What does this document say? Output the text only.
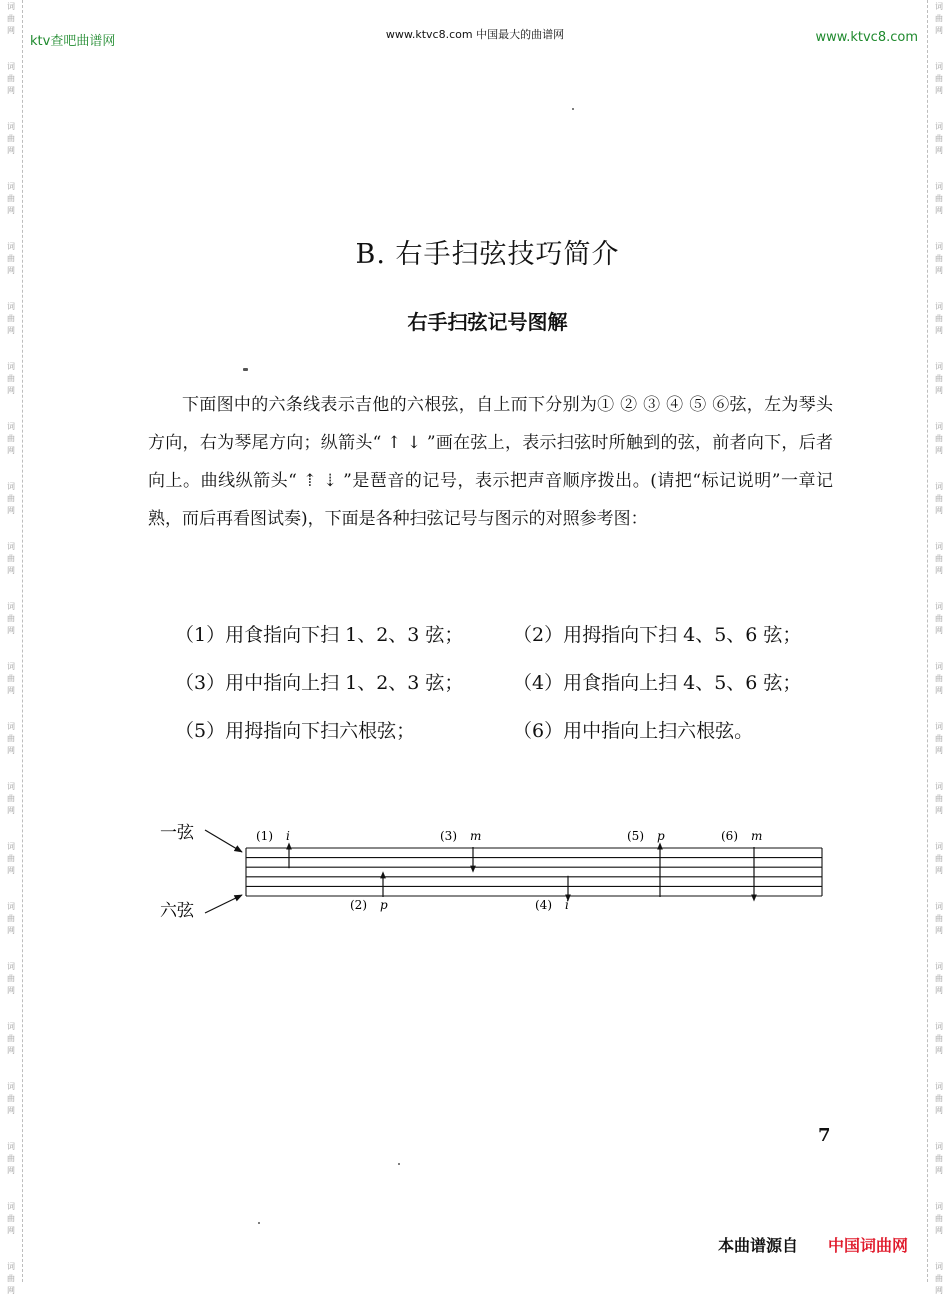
词
曲
网
词
曲
网
词
曲
网
词
曲
网
词
曲
网
词
曲
网
词
曲
网
词
曲
网
词
曲
网
词
曲
网
词
曲
网
词
曲
网
词
曲
网
词
曲
网
词
曲
网
词
曲
网
词
曲
网
词
曲
网
词
曲
网
词
曲
网
词
曲
网
词
曲
网
词
曲
网
词
曲
网
词
曲
网
词
曲
网
词
曲
网
词
曲
网
词
曲
网
词
曲
网
词
曲
网
词
曲
网
词
曲
网
词
曲
网
词
曲
网
词
曲
网
词
曲
网
词
曲
网
词
曲
网
词
曲
网
词
曲
网
词
曲
网
词
曲
网
词
曲
网
ktv查吧曲谱网	www.ktvc8.com 中国最大的曲谱网	www.ktvc8.com
B. 右手扫弦技巧简介
右手扫弦记号图解

下面图中的六条线表示吉他的六根弦，自上而下分别为① ② ③ ④ ⑤ ⑥弦，左为琴头方向，右为琴尾方向；纵箭头“ ↑ ↓ ”画在弦上，表示扫弦时所触到的弦，前者向下，后者向上。曲线纵箭头“ ⇡ ⇣ ”是琶音的记号，表示把声音顺序拨出。(请把“标记说明”一章记熟，而后再看图试奏)，下面是各种扫弦记号与图示的对照参考图：

（1）用食指向下扫 1、2、3 弦；	（2）用拇指向下扫 4、5、6 弦；
（3）用中指向上扫 1、2、3 弦；	（4）用食指向上扫 4、5、6 弦；
（5）用拇指向下扫六根弦；	（6）用中指向上扫六根弦。
一弦
六弦
(1) i
(2) p
(3) m
(4) i
(5) p	(6) m
7
本曲谱源自 中国词曲网
